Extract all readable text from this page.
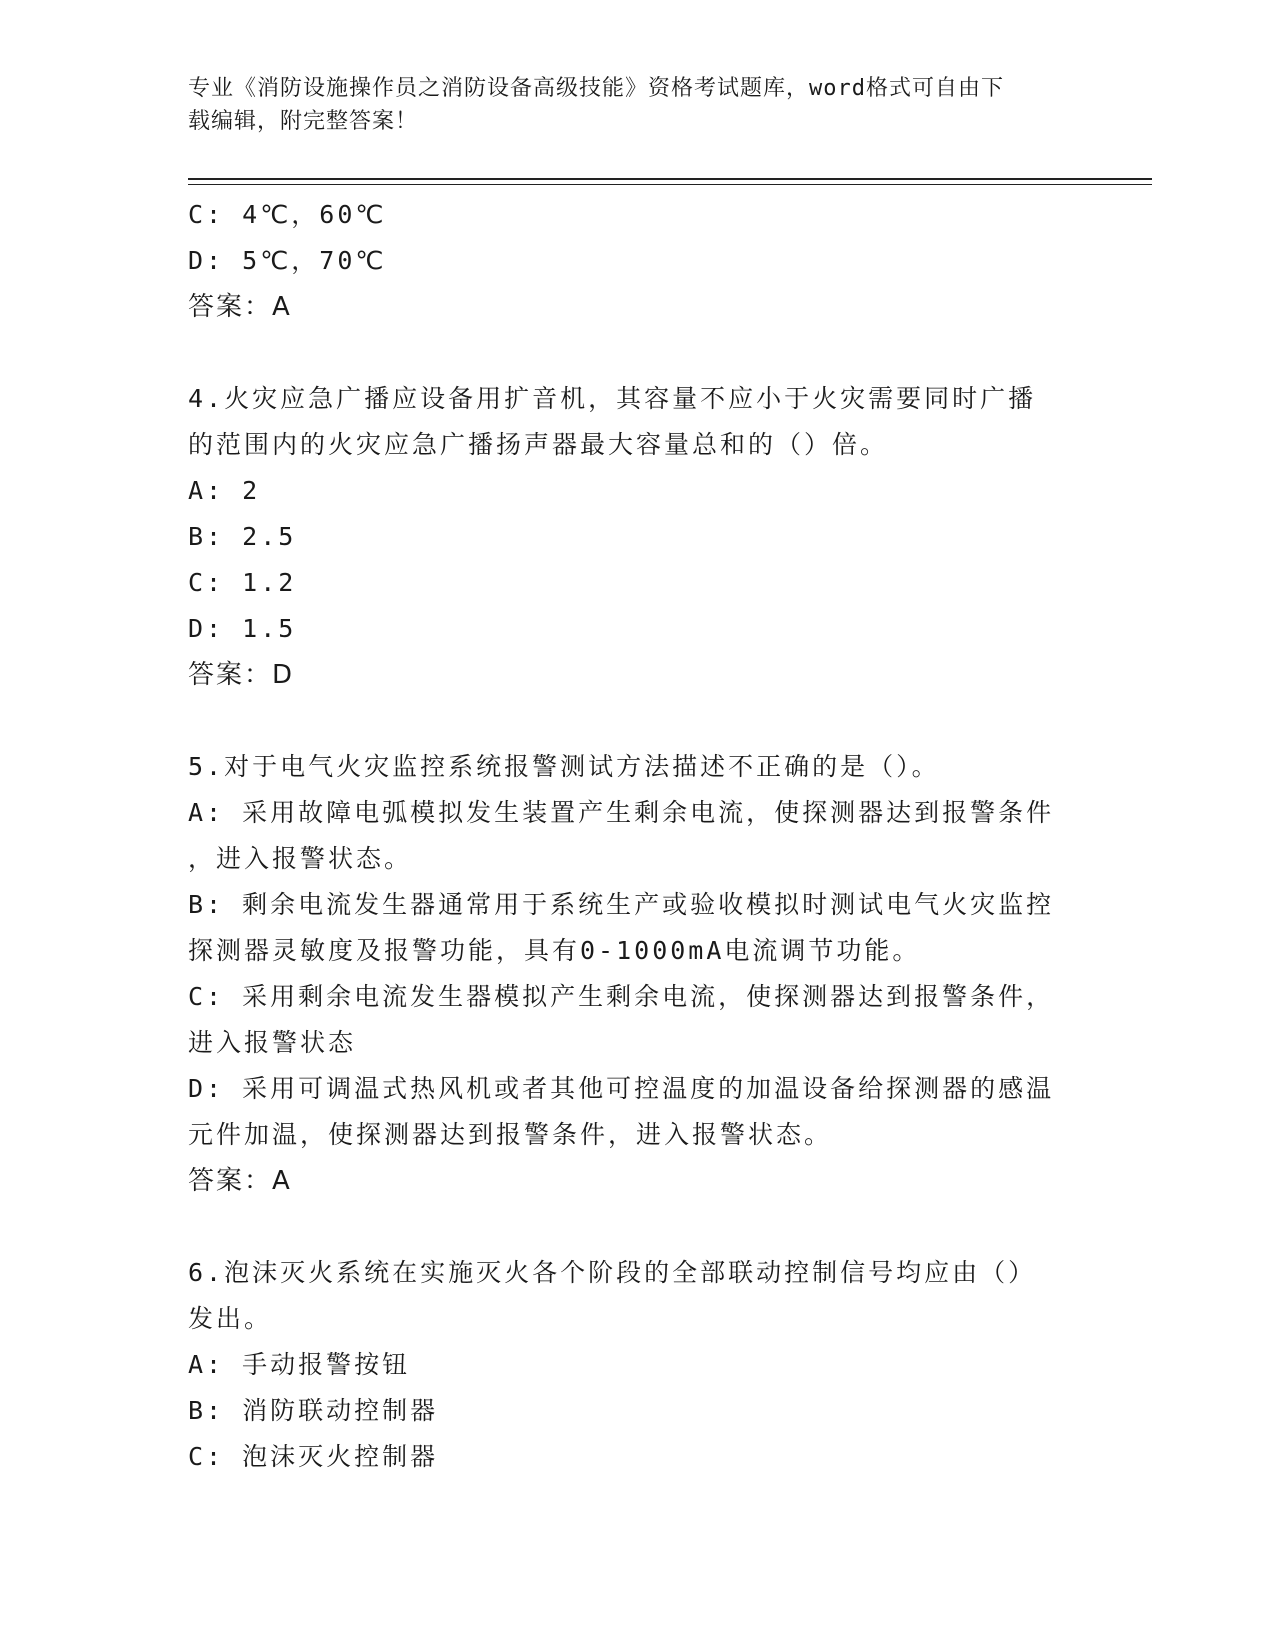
专业《消防设施操作员之消防设备高级技能》资格考试题库，word格式可自由下
载编辑，附完整答案！

C: 4℃，60℃

D: 5℃，70℃

答案：A

4.火灾应急广播应设备用扩音机，其容量不应小于火灾需要同时广播

的范围内的火灾应急广播扬声器最大容量总和的（）倍。

A: 2

B: 2.5

C: 1.2

D: 1.5

答案：D

5.对于电气火灾监控系统报警测试方法描述不正确的是（）。

A: 采用故障电弧模拟发生装置产生剩余电流，使探测器达到报警条件

，进入报警状态。

B: 剩余电流发生器通常用于系统生产或验收模拟时测试电气火灾监控

探测器灵敏度及报警功能，具有0-1000mA电流调节功能。

C: 采用剩余电流发生器模拟产生剩余电流，使探测器达到报警条件，

进入报警状态

D: 采用可调温式热风机或者其他可控温度的加温设备给探测器的感温

元件加温，使探测器达到报警条件，进入报警状态。

答案：A

6.泡沫灭火系统在实施灭火各个阶段的全部联动控制信号均应由（）

发出。

A: 手动报警按钮

B: 消防联动控制器

C: 泡沫灭火控制器
